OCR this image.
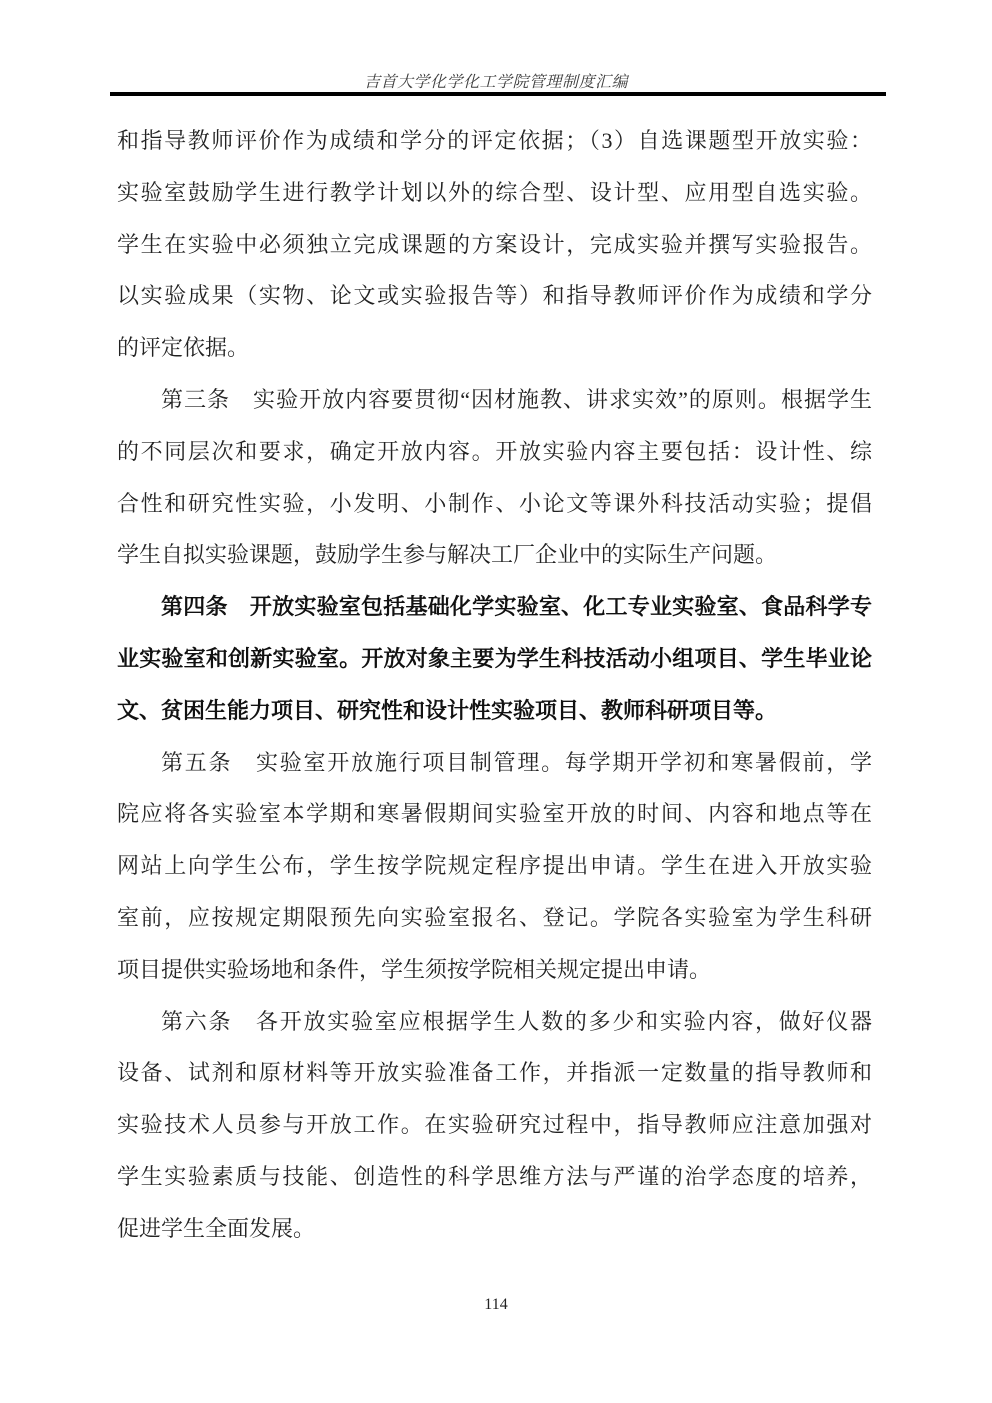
吉首大学化学化工学院管理制度汇编
和指导教师评价作为成绩和学分的评定依据；（3）自选课题型开放实验：
实验室鼓励学生进行教学计划以外的综合型、设计型、应用型自选实验。
学生在实验中必须独立完成课题的方案设计，完成实验并撰写实验报告。
以实验成果（实物、论文或实验报告等）和指导教师评价作为成绩和学分
的评定依据。
第三条　实验开放内容要贯彻“因材施教、讲求实效”的原则。根据学生
的不同层次和要求，确定开放内容。开放实验内容主要包括：设计性、综
合性和研究性实验，小发明、小制作、小论文等课外科技活动实验；提倡
学生自拟实验课题，鼓励学生参与解决工厂企业中的实际生产问题。
第四条　开放实验室包括基础化学实验室、化工专业实验室、食品科学专
业实验室和创新实验室。开放对象主要为学生科技活动小组项目、学生毕业论
文、贫困生能力项目、研究性和设计性实验项目、教师科研项目等。
第五条　实验室开放施行项目制管理。每学期开学初和寒暑假前，学
院应将各实验室本学期和寒暑假期间实验室开放的时间、内容和地点等在
网站上向学生公布，学生按学院规定程序提出申请。学生在进入开放实验
室前，应按规定期限预先向实验室报名、登记。学院各实验室为学生科研
项目提供实验场地和条件，学生须按学院相关规定提出申请。
第六条　各开放实验室应根据学生人数的多少和实验内容，做好仪器
设备、试剂和原材料等开放实验准备工作，并指派一定数量的指导教师和
实验技术人员参与开放工作。在实验研究过程中，指导教师应注意加强对
学生实验素质与技能、创造性的科学思维方法与严谨的治学态度的培养，
促进学生全面发展。
114
